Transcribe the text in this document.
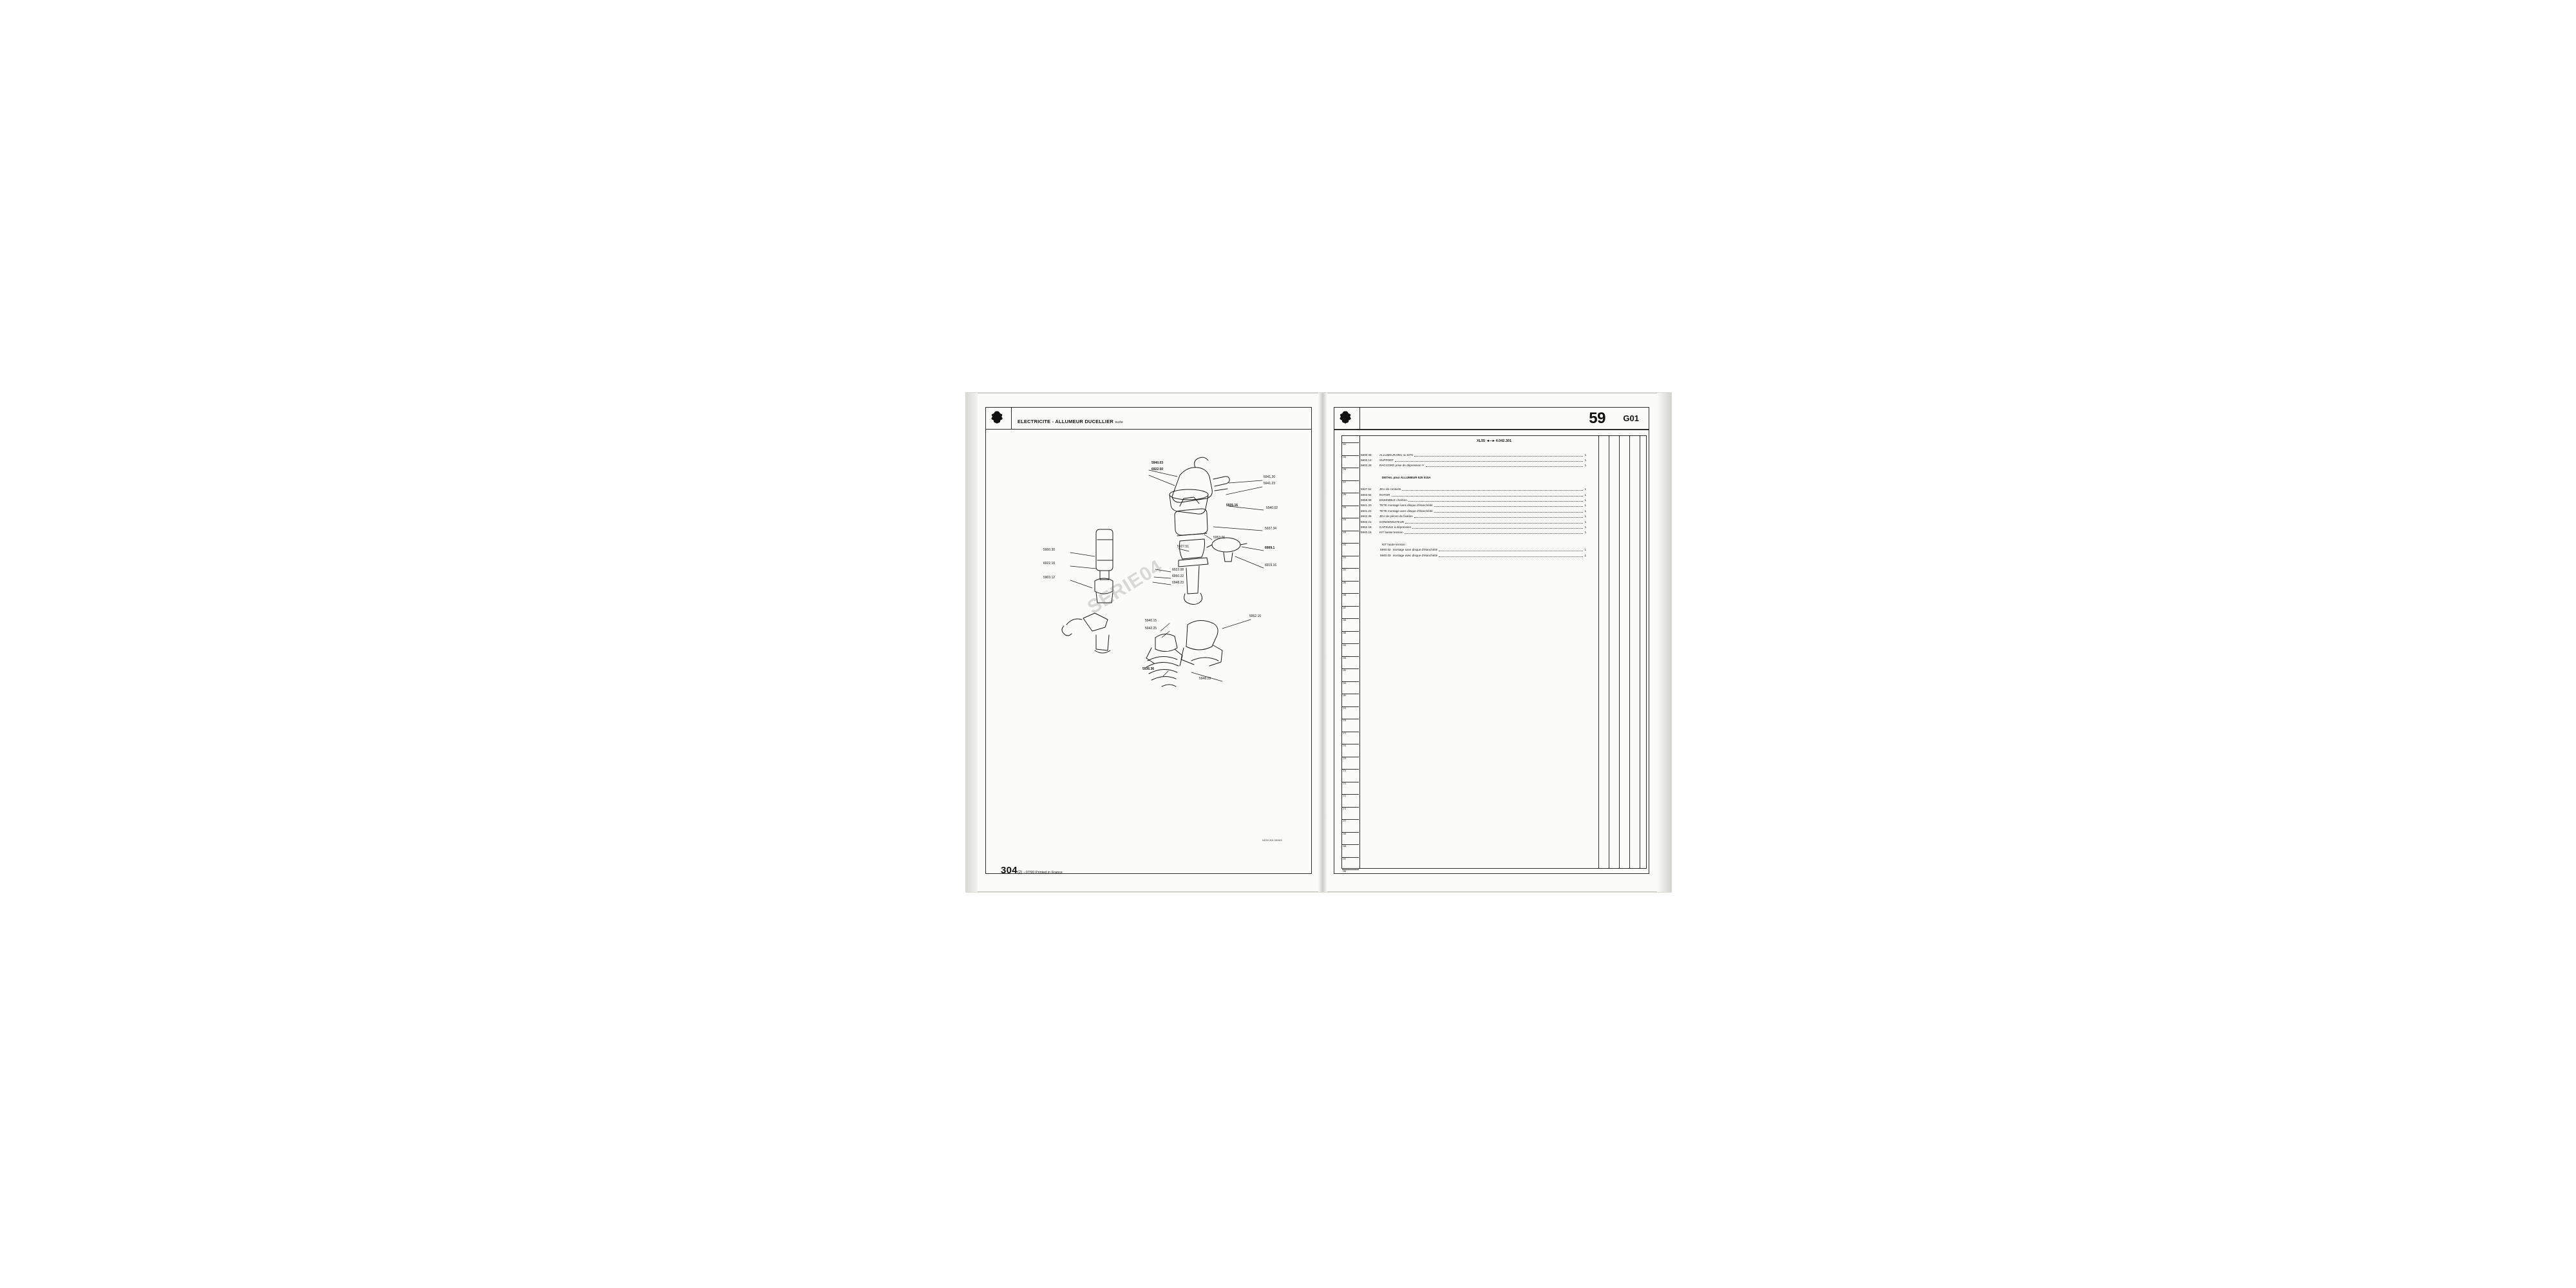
ELECTRICITE - ALLUMEUR DUCELLIER suite
SERIE04
5940.03
6922.50
5941.20
5941.23
5935.16
5940.02
5937.34
5953.06
5927.51
5900.30
6922.18
5903.12
6922.08
6950.22
6948.23
6909.1
6919.16
5940.15
5942.25
5952.16
5936.36
5948.23
04/90 304 0906/1
304(2) - 07/90 Printed in France
59 G01
XL55 ◄—► 4.042.301
300
299
298
297
296
295
294
293
292
291
290
289
288
287
286
285
284
283
282
281
280
279
278
277
276
275
274
273
272
271
270
269
268
267
266
5900.30	ALLUMEUR M91 ou M79	1
5903.12	SUPPORT	1
5903.26	RACCORD prise de dépression ✂	1
DETAIL pour ALLUMEUR 525 015A
5927.51	JEU de contacts	1
5903.84	ROTOR	1
5958.08	ENSEMBLE charbon	1
5941.20	TETE montage sans disque d'étanchéité	1
5941.23	TETE montage avec disque d'étanchéité	1
5942.35	JEU de pièces de fixation	1
5940.21	CONDENSATEUR	1
5952.18	CAPSULE à dépression	1
5940.15	KIT basse tension	1
KIT haute tension :
5940.02 montage sans disque d'étanchéité	1
5940.03 montage avec disque d'étanchéité	1
